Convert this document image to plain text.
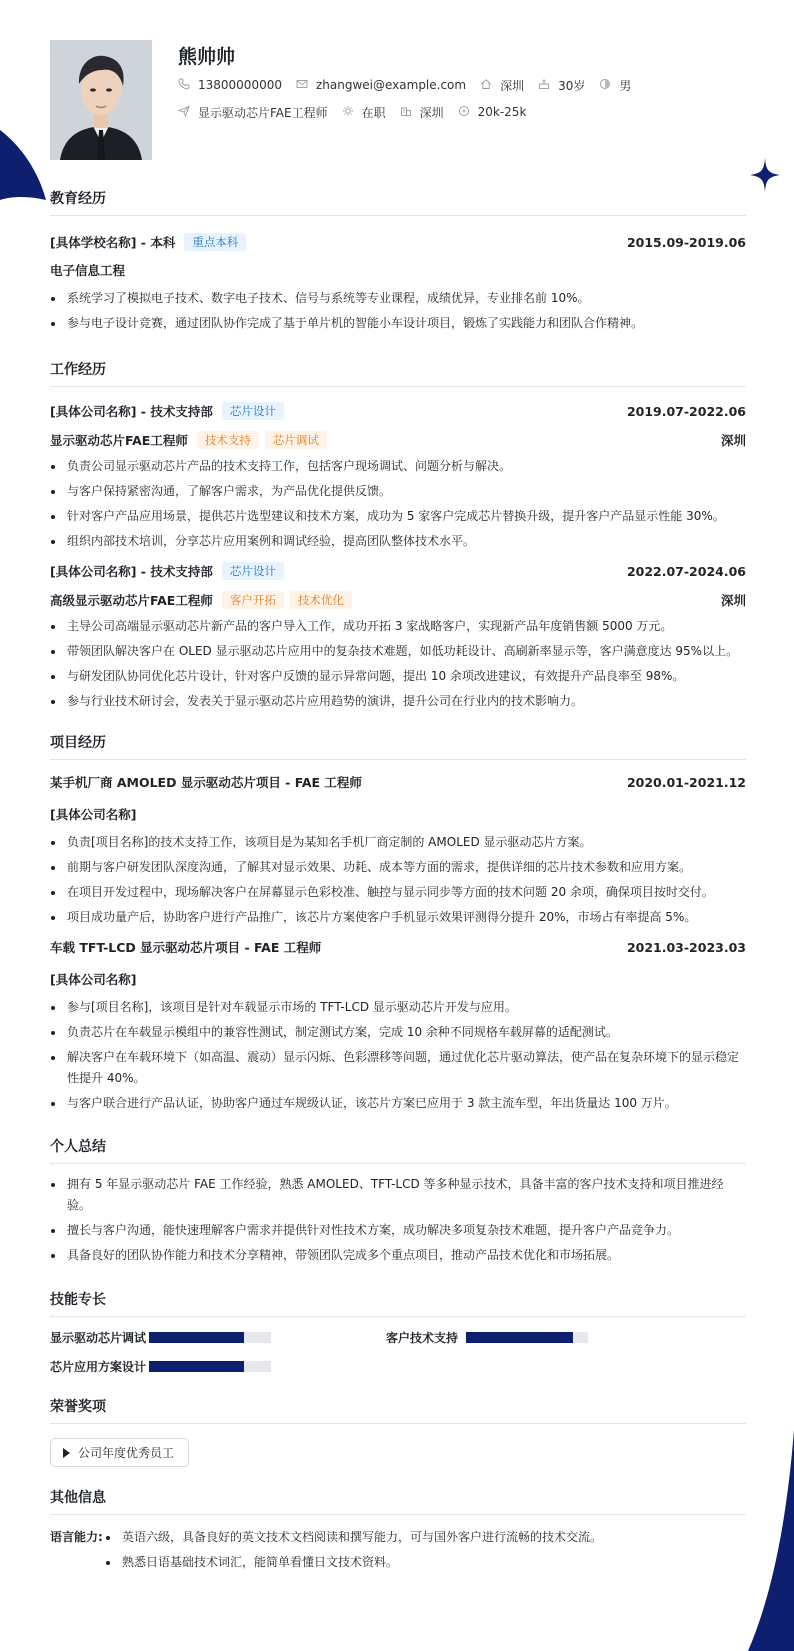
熊帅帅
13800000000	zhangwei@example.com	深圳	30岁	男
显示驱动芯片FAE工程师	在职	深圳	20k-25k
教育经历
[具体学校名称] - 本科	重点本科	2015.09-2019.06
电子信息工程
系统学习了模拟电子技术、数字电子技术、信号与系统等专业课程，成绩优异，专业排名前 10%。
参与电子设计竞赛，通过团队协作完成了基于单片机的智能小车设计项目，锻炼了实践能力和团队合作精神。
工作经历
[具体公司名称] - 技术支持部	芯片设计	2019.07-2022.06
显示驱动芯片FAE工程师	技术支持	芯片调试	深圳
负责公司显示驱动芯片产品的技术支持工作，包括客户现场调试、问题分析与解决。
与客户保持紧密沟通，了解客户需求，为产品优化提供反馈。
针对客户产品应用场景，提供芯片选型建议和技术方案，成功为 5 家客户完成芯片替换升级，提升客户产品显示性能 30%。
组织内部技术培训，分享芯片应用案例和调试经验，提高团队整体技术水平。
[具体公司名称] - 技术支持部	芯片设计	2022.07-2024.06
高级显示驱动芯片FAE工程师	客户开拓	技术优化	深圳
主导公司高端显示驱动芯片新产品的客户导入工作，成功开拓 3 家战略客户，实现新产品年度销售额 5000 万元。
带领团队解决客户在 OLED 显示驱动芯片应用中的复杂技术难题，如低功耗设计、高刷新率显示等，客户满意度达 95%以上。
与研发团队协同优化芯片设计，针对客户反馈的显示异常问题，提出 10 余项改进建议，有效提升产品良率至 98%。
参与行业技术研讨会，发表关于显示驱动芯片应用趋势的演讲，提升公司在行业内的技术影响力。
项目经历
某手机厂商 AMOLED 显示驱动芯片项目 - FAE 工程师	2020.01-2021.12
[具体公司名称]
负责[项目名称]的技术支持工作，该项目是为某知名手机厂商定制的 AMOLED 显示驱动芯片方案。
前期与客户研发团队深度沟通，了解其对显示效果、功耗、成本等方面的需求，提供详细的芯片技术参数和应用方案。
在项目开发过程中，现场解决客户在屏幕显示色彩校准、触控与显示同步等方面的技术问题 20 余项，确保项目按时交付。
项目成功量产后，协助客户进行产品推广，该芯片方案使客户手机显示效果评测得分提升 20%，市场占有率提高 5%。
车载 TFT-LCD 显示驱动芯片项目 - FAE 工程师	2021.03-2023.03
[具体公司名称]
参与[项目名称]，该项目是针对车载显示市场的 TFT-LCD 显示驱动芯片开发与应用。
负责芯片在车载显示模组中的兼容性测试，制定测试方案，完成 10 余种不同规格车载屏幕的适配测试。
解决客户在车载环境下（如高温、震动）显示闪烁、色彩漂移等问题，通过优化芯片驱动算法，使产品在复杂环境下的显示稳定性提升 40%。
与客户联合进行产品认证，协助客户通过车规级认证，该芯片方案已应用于 3 款主流车型，年出货量达 100 万片。
个人总结
拥有 5 年显示驱动芯片 FAE 工作经验，熟悉 AMOLED、TFT-LCD 等多种显示技术，具备丰富的客户技术支持和项目推进经验。
擅长与客户沟通，能快速理解客户需求并提供针对性技术方案，成功解决多项复杂技术难题，提升客户产品竞争力。
具备良好的团队协作能力和技术分享精神，带领团队完成多个重点项目，推动产品技术优化和市场拓展。
技能专长
显示驱动芯片调试	客户技术支持
芯片应用方案设计
荣誉奖项
公司年度优秀员工
其他信息
语言能力:	英语六级，具备良好的英文技术文档阅读和撰写能力，可与国外客户进行流畅的技术交流。
熟悉日语基础技术词汇，能简单看懂日文技术资料。
